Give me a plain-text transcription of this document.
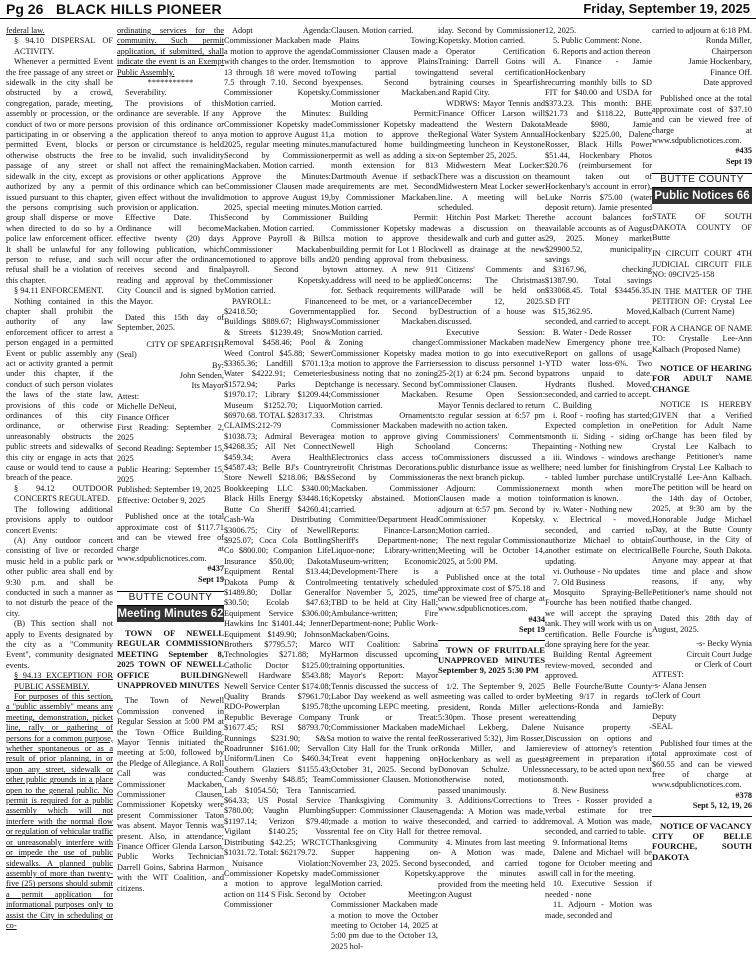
Pg 26 BLACK HILLS PIONEER	Friday, September 19, 2025

federal law.

§ 94.10 DISPERSAL OF ACTIVITY.

Whenever a permitted Event the free passage of any street or sidewalk in the city shall be obstructed by a crowd, congregation, parade, meeting, assembly or procession, or the conduct of two or more persons participating in or observing a permitted Event, blocks or otherwise obstructs the free passage of any street or sidewalk in the city, except as authorized by any a permit issued pursuant to this chapter, the persons comprising such group shall disperse or move when directed to do so by a police law enforcement officer. It shall be unlawful for any person to refuse, and such refusal shall be a violation of this chapter.

§ 94.11 ENFORCEMENT.

Nothing contained in this chapter shall prohibit the authority of any law enforcement officer to arrest a person engaged in a permitted Event or public assembly any act or activity granted a permit under this chapter, if the conduct of such person violates the laws of the state law, provisions of this code or ordinances of this city ordinance, or otherwise unreasonably obstructs the public streets and sidewalks of this city or engage in acts that cause or would tend to cause a breach of the peace.

§ 94.12 OUTDOOR CONCERTS REGULATED.

The following additional provisions apply to outdoor concert Events:

(A) Any outdoor concert consisting of live or recorded music held in a public park or other public area shall end by 9:30 p.m. and shall be conducted in such a manner as to not disturb the peace of the city.

(B) This section shall not apply to Events designated by the city as a "Community Event", community designated events.

§ 94.13 EXCEPTION FOR PUBLIC ASSEMBLY.

For purposes of this section, a "public assembly" means any meeting, demonstration, picket line, rally or gathering of persons for a common purpose, whether spontaneous or as a result of prior planning, in or upon any street, sidewalk or other public grounds in a place open to the general public. No permit is required for a public assembly which will not interfere with the normal flow or regulation of vehicular traffic or unreasonably interfere with or impede the use of public sidewalks. A planned public assembly of more than twenty-five (25) persons should submit a permit application for informational purposes only to assist the City in scheduling or co-

ordinating services for the community. Such permit application, if submitted, shall indicate the event is an Exempt Public Assembly.

***********

Severability.

The provisions of this ordinance are severable. If any provision of this ordinance or the application thereof to any person or circumstance is held to be invalid, such invalidity shall not affect the remaining provisions or other applications of this ordinance which can be given effect without the invalid provision or application.

Effective Date. This Ordinance will become effective twenty (20) days following publication, which will occur after the ordinance receives second and final reading and approval by the City Council and is signed by the Mayor.

Dated this 15th day of September, 2025.

CITY OF SPEARFISH

(Seal)

By:

John Senden,

Its Mayor

Attest:

Michelle DeNeui,

Finance Officer

First Reading: September 2, 2025

Second Reading: September 15, 2025

Public Hearing: September 15, 2025

Published: September 19, 2025

Effective: October 9, 2025

Published once at the total approximate cost of $117.71 and can be viewed free of charge at www.sdpublicnotices.com.

#437

Sept 19

BUTTE COUNTY
Meeting Minutes 62

TOWN OF NEWELL REGULAR COMMISSION MEETING September 8, 2025 TOWN OF NEWELL OFFICE BUILDING UNAPPROVED MINUTES

The Town of Newell Commission convened in Regular Session at 5:00 PM at the Town Office Building. Mayor Tennis initiated the meeting at 5:00, followed by the Pledge of Allegiance. A Roll Call was conducted: Commissioner Mackaben, Commissioner Clausen, Commissioner Kopetsky were present Commissioner Taton was absent. Mayor Tennis was present. Also, in attendance; Finance Officer Glenda Larson, Public Works Technician Darrell Goins, Sabrina Harmon with the WIT Coalition, and citizens.

Adopt Agenda: Commissioner Mackaben made a motion to approve the agenda with changes to the order. Items 13 through 18 were moved to 7.5 through 7.10. Second by Commissioner Kopetsky. Motion carried.

Approve the Minutes: Commissioner Kopetsky made a motion to approve August 11, 2025, regular meeting minutes. Second by Commissioner Mackaben. Motion carried.

Approve the Minutes: Commissioner Clausen made a motion to approve August 19, 2025, special meeting minutes. Second by Commissioner Mackaben. Motion carried.

Approve Payroll & Bills: Commissioner Mackaben motioned to approve bills and payroll. Second by Commissioner Kopetsky. Motion carried.

PAYROLL: Finance $2418.50; Government Buildings $889.67; Highways & Streets $1239.49; Snow Removal $458.46; Pool & Weed Control $45.88; Sewer $3365.36; Landfill $701.13; Water $4222.91; Cemeteries $1572.94; Parks Dept $1970.17; Library $1209.44; Museum $1252.70; Liquor $6970.68. TOTAL $28317.33.

CLAIMS:212-79

$1038.73; Admiral Beverage $4268.35; All Net Connect $459.34; Avera Health $4587.43; Belle BJ's Country Store Newell $218.06; B&S Bookkeeping LLC $340.00; Black Hills Energy $3448.16; Butte Co Sheriff $4260.41; Cash-Wa Distributing $3006.75; City of Newell $925.07; Coca Cola Bottling Co $800.00; Companion Life Insurance $50.00; Dakota Equipment Rental $13.44; Dakota Pump & Control $1489.80; Dollar General $30.50; Ecolab $47.63; Equipment Service $306.00; Hawkins Inc $1401.44; Jenner Equipment $149.90; Johnson Brothers $7795.57; Marco Technologies $271.88; My Catholic Doctor $125.00; Newell Hardware $543.88; Newell Service Center $174.08; Quality Brands $7961.70; RDO-Powerplan $195.78; Republic Beverage Company $1677.45; RSI $8793.70; Runnings $231.90; S&S Roadrunner $161.00; Servall Uniform/Linen Co $460.34; Southern Glaziers $1155.43; Candy Swenby $48.85; Team Lab $1054.50; Tera Tannis $64.33; US Postal Service $780.00; Vaughn Plumbing $1197.14; Verizon $79.40; Vigilant $140.25; Voss Distributing $42.25; WRCTC $1031.72. Total: $62179.72.

Nuisance Violation: Commissioner Kopetsky made a motion to approve legal action on 114 S Fisk. Second by Commissioner

Clausen. Motion carried.

Plains Towing: Commissioner Clausen made a motion to approve Plains Towing partial towing expenses. Second by Commissioner Mackaben. Motion carried.

Building Permit: Commissioner Kopetsky made a motion to approve the manufactured home building permit as well as adding a six-month extension for 813 Dartmouth Avenue if setback requirements are met. Second by Commissioner Mackaben. Motion carried.

Building Permit: Commissioner Kopetsky made a motion to approve the building permit for Lot 1 Block 20 pending approval from the town attorney. A new 911 address will need to be applied for. Setback requirements will need to be met, or a variance applied for. Second by Commissioner Mackaben. Motion carried.

Zoning change: Commissioner Kopetsky made a motion to approve the Farrier business noting that no zoning change is necessary. Second by Commissioner Mackaben. Motion carried.

Christmas Ornaments: Commissioner Mackaben made a motion to approve giving Newell High School Electronics class access to retrofit Christmas Decorations. Second by Commissioner Mackaben. Commissioner Kopetsky abstained. Motion carried.

Committee/Department Head Reports: Finance-Larson; Sheriff's Department-none; Liquor-none; Library-written; Museum-written; Economic Development-There is a meeting tentatively scheduled for November 5, 2025, time TBD to be held at City Hall; Ambulance-written; Fire Department-none; Public Work-Mackaben/Goins.

WIT Coalition: Sabrina Harmon discussed upcoming training opportunities.

Mayor's Report: Mayor Tennis discussed the success of Labor Day weekend as well as the upcoming LEPC meeting.

Trunk or Treat: Commissioner Mackaben made a motion to waive the rental fee on City Hall for the Trunk or Treat event happening on October 31, 2025. Second by Commissioner Clausen. Motion carried.

Thanksgiving Community Supper: Commissioner Clausen made a motion to waive the rental fee on City Hall for the Thanksgiving Community Supper happening on November 23, 2025. Second by Commissioner Kopetsky. Motion carried.

October Meeting: Commissioner Mackaben made a motion to move the October meeting to October 14, 2025 at 5:00 pm due to the October 13, 2025 hol-

iday. Second by Commissioner Kopetsky. Motion carried.

Operator Certification Training: Darrell Goins will attend several certification training courses in Spearfish and Rapid City.

WDRWS: Mayor Tennis and Finance Officer Larson will attend the Western Dakota Regional Water System Annual meeting luncheon in Keystone on September 25, 2025.

Midwestern Meat Locker: There was a discussion on the Midwestern Meat Locker sewer line. A meeting will be scheduled.

Hitchin Post Market: There was a discussion on the sidewalk and curb and gutter as well as drainage at the new business.

Citizens' Comments and Concerns: The Christmas Parade will be held on December 12, 2025. Destruction of a house was discussed.

Executive Session: Commissioner Mackaben made a motion to go into executive session to discuss personnel 1-25-2(1) at 6:24 pm. Second by Commissioner Clausen.

Resume Open Session: Mayor Tennis declared to return to regular session at 6:57 pm with no action taken.

Commissioners' Comments and Concerns: The Commissioners discussed a public disturbance issue as well as the next branch pickup.

Adjourn: Commissioner Clausen made a motion to adjourn at 6:57 pm. Second by Commissioner Kopetsky. Motion carried.

The next regular Commission Meeting will be October 14, 2025, at 5:00 PM.

Published once at the total approximate cost of $75.18 and can be viewed free of charge at www.sdpublicnotices.com.

#434

Sept 19

TOWN OF FRUITDALE UNAPPROVED MINUTES September 9, 2025 5:30 PM

1/2. The September 9, 2025 meeting was called to order by president, Ronda Miller at 5:30pm. Those present were Michael Lekberg, Dalene Rosserarived 5:32), Jim Rosser, Ronda Miller, and Jamie Hockenbary as well as guest Donovan Schulze. Unless otherwise noted, motions passed unanimously.

3. Additions/Corrections to agenda: A Motion was made, seconded, and carried to add tree removal.

4. Minutes from last meeting - A Motion was made, seconded, and carried to approve the minutes as provided from the meeting held on August

12, 2025.

5. Public Comment: None.

6. Reports and action thereon

A. Finance - Jamie Hockenbary

recurring monthly bills to SD FIT for $40.00 and USDA for $373.23. This month: BHE $21.73 and $118.22, Butte Meade $980, Jamie Hockenbary $225.00, Dalene Rosser, Black Hills Power $51.44, Hockenbary Photos $20.76 (reimbursement for amount taken out of Hockenbary's account in error), Luke Norris $75.00 (water deposit return). Jamie presented the account balances for available accounts as of August 29, 2025. Money market $29900.52, municipality savings

$3167.96, checking $1387.90. Total savings $33068.45. Total $34456.35. SD FIT

$15,362.95. Moved, seconded, and carried to accept.

B. Water - Dede Rosser

New Emergency phone tree. Report on gallons of usage YTD water loss-6%. Two patrons unpaid to date. Hydrants flushed. Moved, seconded, and carried to accept.

C. Building

i. Roof - roofing has started; Expected completion in one month ii. Siding - siding or painting - Nothing new

iii. Windows - windows are here; need lumber for finishing - tabled lumber purchase until next month when more information is known.

iv. Water - Nothing new

v. Electrical - moved, seconded, and carried to authorize Michael to obtain another estimate on electrical updating.

vi. Outhouse - No updates

7. Old Business

Mosquito Spraying-Belle Fourche has been notified that we will accept the spraying tank. They will work with us on certification. Belle Fourche is done spraying here for the year.

Building Rental Agreement review-moved, seconded and approved.

Belle Fourche/Butte County Meeting 9/17 in regards to elections-Ronda and Jamie attending

Nuisance property - Discussion on options and review of attorney's retention agreement in preparation if necessary, to be acted upon next month.

8. New Business

Trees - Rosser provided a verbal estimate for tree removal. A Motion was made, seconded, and carried to table.

9. Informational Items

Dalene and Michael will be gone for October meeting and will call in for the meeting.

10. Executive Session if needed - none

11. Adjourn - Motion was made, seconded and

carried to adjourn at 6:18 PM.

Ronda Miller,

Chairperson

Jamie Hockenbary,

Finance Off.

Date approved

Published once at the total approximate cost of $37.10 and can be viewed free of charge at www.sdpublicnotices.com.

#435

Sept 19

BUTTE COUNTY
Public Notices 66

STATE OF SOUTH DAKOTA COUNTY OF Butte

IN CIRCUIT COURT 4TH JUDICIAL CIRCUIT FILE NO: 09CIV25-158

IN THE MATTER OF THE PETITION OF: Crystal Lee Kalbach (Current Name)

FOR A CHANGE OF NAME TO: Crystalle Lee-Ann Kalbach (Proposed Name)

NOTICE OF HEARING FOR ADULT NAME CHANGE

NOTICE IS HEREBY GIVEN that a Verified Petition for Adult Name Change has been filed by Crystal Lee Kalbach to change Petitioner's name from Crystal Lee Kalbach to Crystallé Lee-Ann Kalbach. The petition will be heard on the 14th day of October, 2025, at 9:30 am by the Honorable Judge Michael Day, at the Butte County Courthouse, in the City of Belle Fourche, South Dakota. Anyone may appear at that time and place and show reasons, if any, why Petitioner's name should not be changed.

Dated this 28th day of August, 2025.

-s- Becky Wynia

Circuit Court Judge

or Clerk of Court

ATTEST:

-s- Alana Jensen

Clerk of Court

By:

Deputy

SEAL

Published four times at the total approximate cost of $60.55 and can be viewed free of charge at www.sdpublicnotices.com.

#378

Sept 5, 12, 19, 26

NOTICE OF VACANCY CITY OF BELLE FOURCHE, SOUTH DAKOTA
